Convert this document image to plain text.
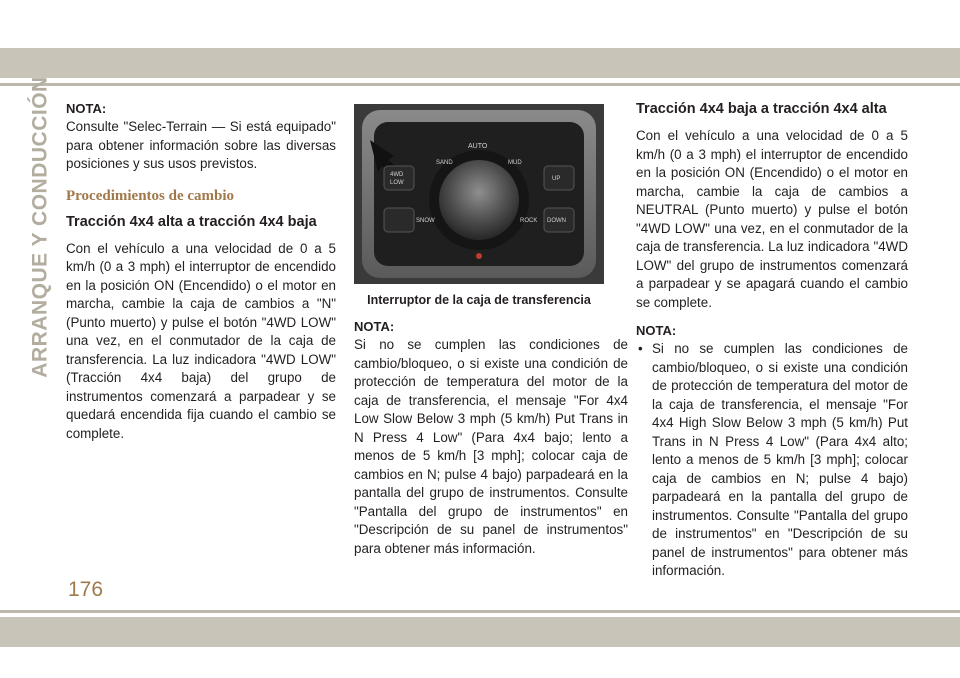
ARRANQUE Y CONDUCCIÓN NOTA:

Consulte "Selec-Terrain — Si está equipado" para obtener información sobre las diversas posiciones y sus usos previstos.

Procedimientos de cambio
Tracción 4x4 alta a tracción 4x4 baja

Con el vehículo a una velocidad de 0 a 5 km/h (0 a 3 mph) el interruptor de encendido en la posición ON (Encendido) o el motor en marcha, cambie la caja de cambios a "N" (Punto muerto) y pulse el botón "4WD LOW" una vez, en el conmutador de la caja de transferencia. La luz indicadora "4WD LOW" (Tracción 4x4 baja) del grupo de instrumentos comenzará a parpadear y se quedará encendida fija cuando el cambio se complete.

AUTO
SAND	MUD
SNOW	ROCK
4WD
LOW
UP
DOWN
Interruptor de la caja de transferencia
NOTA:

Si no se cumplen las condiciones de cambio/bloqueo, o si existe una condición de protección de temperatura del motor de la caja de transferencia, el mensaje "For 4x4 Low Slow Below 3 mph (5 km/h) Put Trans in N Press 4 Low" (Para 4x4 bajo; lento a menos de 5 km/h [3 mph]; colocar caja de cambios en N; pulse 4 bajo) parpadeará en la pantalla del grupo de instrumentos. Consulte "Pantalla del grupo de instrumentos" en "Descripción de su panel de instrumentos" para obtener más información.

Tracción 4x4 baja a tracción 4x4 alta

Con el vehículo a una velocidad de 0 a 5 km/h (0 a 3 mph) el interruptor de encendido en la posición ON (Encendido) o el motor en marcha, cambie la caja de cambios a NEUTRAL (Punto muerto) y pulse el botón "4WD LOW" una vez, en el conmutador de la caja de transferencia. La luz indicadora "4WD LOW" del grupo de instrumentos comenzará a parpadear y se apagará cuando el cambio se complete.

NOTA:
• Si no se cumplen las condiciones de cambio/bloqueo, o si existe una condición de protección de temperatura del motor de la caja de transferencia, el mensaje "For 4x4 High Slow Below 3 mph (5 km/h) Put Trans in N Press 4 Low" (Para 4x4 alto; lento a menos de 5 km/h [3 mph]; colocar caja de cambios en N; pulse 4 bajo) parpadeará en la pantalla del grupo de instrumentos. Consulte "Pantalla del grupo de instrumentos" en "Descripción de su panel de instrumentos" para obtener más información.
176
